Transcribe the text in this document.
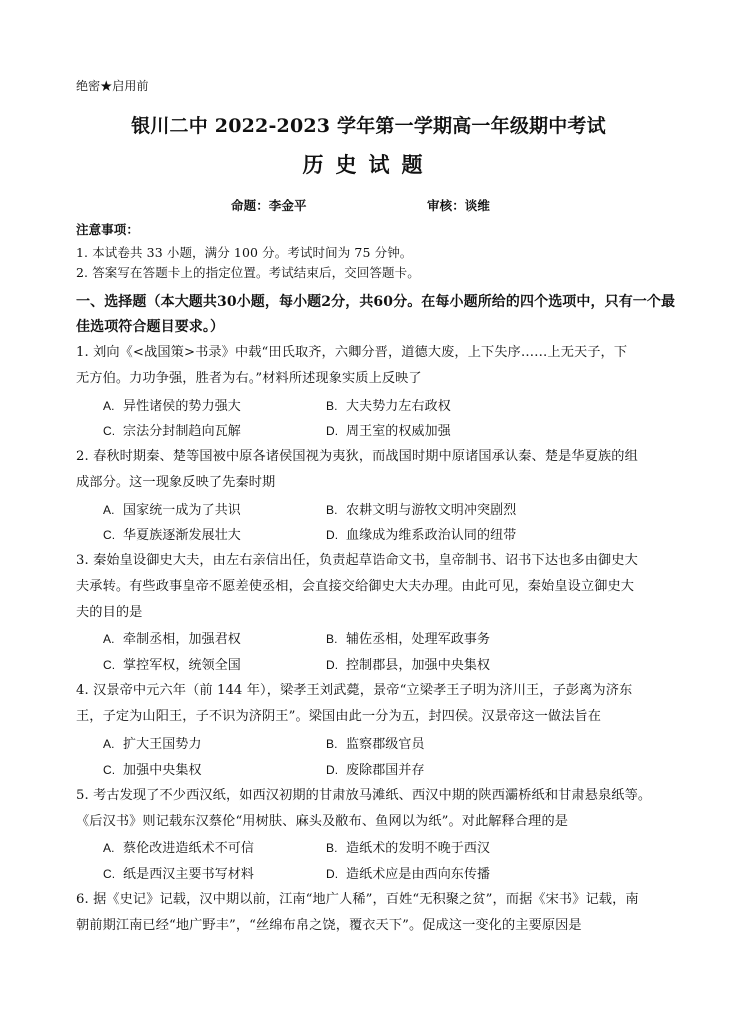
绝密★启用前
银川二中 2022-2023 学年第一学期高一年级期中考试
历史试题
命题：李金平	审核：谈维
注意事项：
1. 本试卷共 33 小题，满分 100 分。考试时间为 75 分钟。
2. 答案写在答题卡上的指定位置。考试结束后，交回答题卡。
一、选择题（本大题共30小题，每小题2分，共60分。在每小题所给的四个选项中，只有一个最
佳选项符合题目要求。）
1. 刘向《<战国策>书录》中载“田氏取齐，六卿分晋，道德大废，上下失序……上无天子，下
无方伯。力功争强，胜者为右。”材料所述现象实质上反映了
A. 异性诸侯的势力强大	B. 大夫势力左右政权
C. 宗法分封制趋向瓦解	D. 周王室的权威加强
2. 春秋时期秦、楚等国被中原各诸侯国视为夷狄，而战国时期中原诸国承认秦、楚是华夏族的组
成部分。这一现象反映了先秦时期
A. 国家统一成为了共识	B. 农耕文明与游牧文明冲突剧烈
C. 华夏族逐渐发展壮大	D. 血缘成为维系政治认同的纽带
3. 秦始皇设御史大夫，由左右亲信出任，负责起草诰命文书，皇帝制书、诏书下达也多由御史大
夫承转。有些政事皇帝不愿差使丞相，会直接交给御史大夫办理。由此可见，秦始皇设立御史大
夫的目的是
A. 牵制丞相，加强君权	B. 辅佐丞相，处理军政事务
C. 掌控军权，统领全国	D. 控制郡县，加强中央集权
4. 汉景帝中元六年（前 144 年），梁孝王刘武薨，景帝“立梁孝王子明为济川王，子彭离为济东
王，子定为山阳王，子不识为济阴王”。梁国由此一分为五，封四侯。汉景帝这一做法旨在
A. 扩大王国势力	B. 监察郡级官员
C. 加强中央集权	D. 废除郡国并存
5. 考古发现了不少西汉纸，如西汉初期的甘肃放马滩纸、西汉中期的陕西灞桥纸和甘肃悬泉纸等。
《后汉书》则记载东汉蔡伦“用树肤、麻头及敝布、鱼网以为纸”。对此解释合理的是
A. 蔡伦改进造纸术不可信	B. 造纸术的发明不晚于西汉
C. 纸是西汉主要书写材料	D. 造纸术应是由西向东传播
6. 据《史记》记载，汉中期以前，江南“地广人稀”，百姓“无积聚之贫”，而据《宋书》记载，南
朝前期江南已经“地广野丰”，“丝绵布帛之饶，覆衣天下”。促成这一变化的主要原因是
